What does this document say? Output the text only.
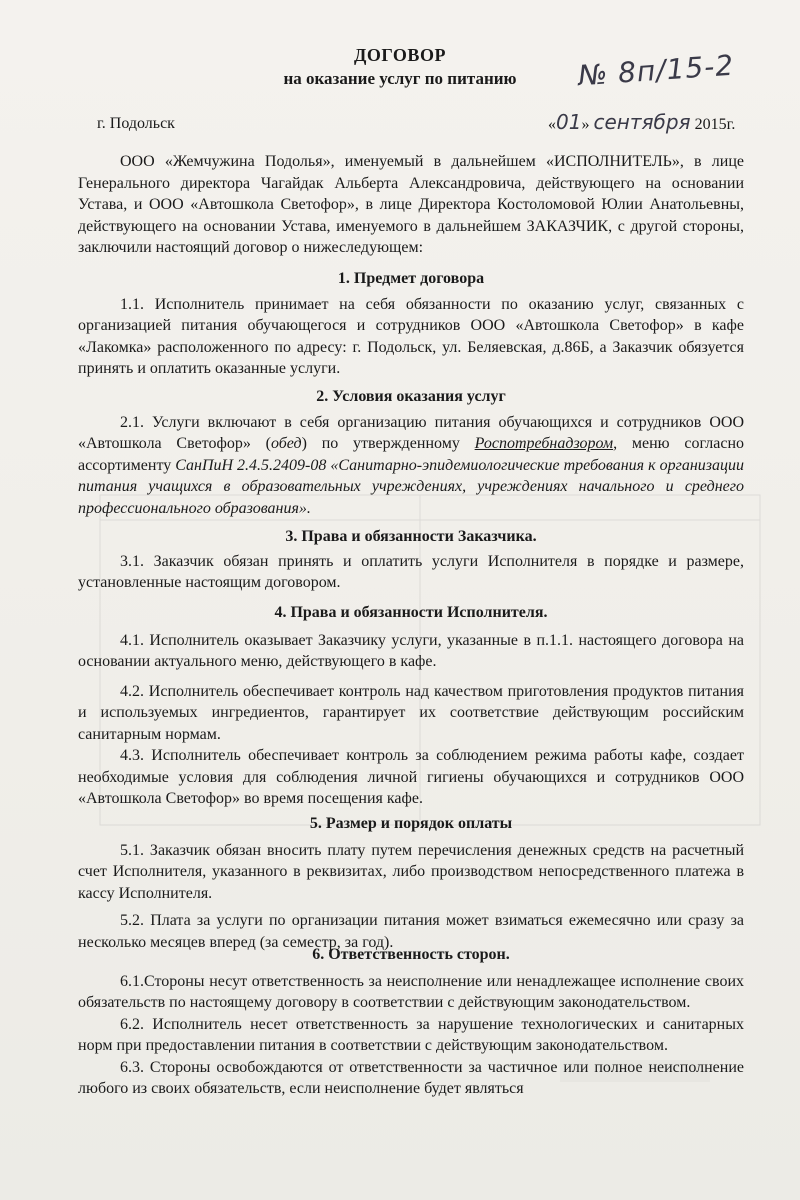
ДОГОВОР
на оказание услуг по питанию	№ 8п/15-2
г. Подольск	«01» сентября 2015г.

ООО «Жемчужина Подолья», именуемый в дальнейшем «ИСПОЛНИТЕЛЬ», в лице Генерального директора Чагайдак Альберта Александровича, действующего на основании Устава, и ООО «Автошкола Светофор», в лице Директора Костоломовой Юлии Анатольевны, действующего на основании Устава, именуемого в дальнейшем ЗАКАЗЧИК, с другой стороны, заключили настоящий договор о нижеследующем:

1. Предмет договора

1.1. Исполнитель принимает на себя обязанности по оказанию услуг, связанных с организацией питания обучающегося и сотрудников ООО «Автошкола Светофор» в кафе «Лакомка» расположенного по адресу: г. Подольск, ул. Беляевская, д.86Б, а Заказчик обязуется принять и оплатить оказанные услуги.

2. Условия оказания услуг

2.1. Услуги включают в себя организацию питания обучающихся и сотрудников ООО «Автошкола Светофор» (обед) по утвержденному Роспотребнадзором, меню согласно ассортименту СанПиН 2.4.5.2409-08 «Санитарно-эпидемиологические требования к организации питания учащихся в образовательных учреждениях, учреждениях начального и среднего профессионального образования».

3. Права и обязанности Заказчика.

3.1. Заказчик обязан принять и оплатить услуги Исполнителя в порядке и размере, установленные настоящим договором.

4. Права и обязанности Исполнителя.

4.1. Исполнитель оказывает Заказчику услуги, указанные в п.1.1. настоящего договора на основании актуального меню, действующего в кафе.

4.2. Исполнитель обеспечивает контроль над качеством приготовления продуктов питания и используемых ингредиентов, гарантирует их соответствие действующим российским санитарным нормам.

4.3. Исполнитель обеспечивает контроль за соблюдением режима работы кафе, создает необходимые условия для соблюдения личной гигиены обучающихся и сотрудников ООО «Автошкола Светофор» во время посещения кафе.

5. Размер и порядок оплаты

5.1. Заказчик обязан вносить плату путем перечисления денежных средств на расчетный счет Исполнителя, указанного в реквизитах, либо производством непосредственного платежа в кассу Исполнителя.

5.2. Плата за услуги по организации питания может взиматься ежемесячно или сразу за несколько месяцев вперед (за семестр, за год).

6. Ответственность сторон.

6.1.Стороны несут ответственность за неисполнение или ненадлежащее исполнение своих обязательств по настоящему договору в соответствии с действующим законодательством.

6.2. Исполнитель несет ответственность за нарушение технологических и санитарных норм при предоставлении питания в соответствии с действующим законодательством.

6.3. Стороны освобождаются от ответственности за частичное или полное неисполнение любого из своих обязательств, если неисполнение будет являться
